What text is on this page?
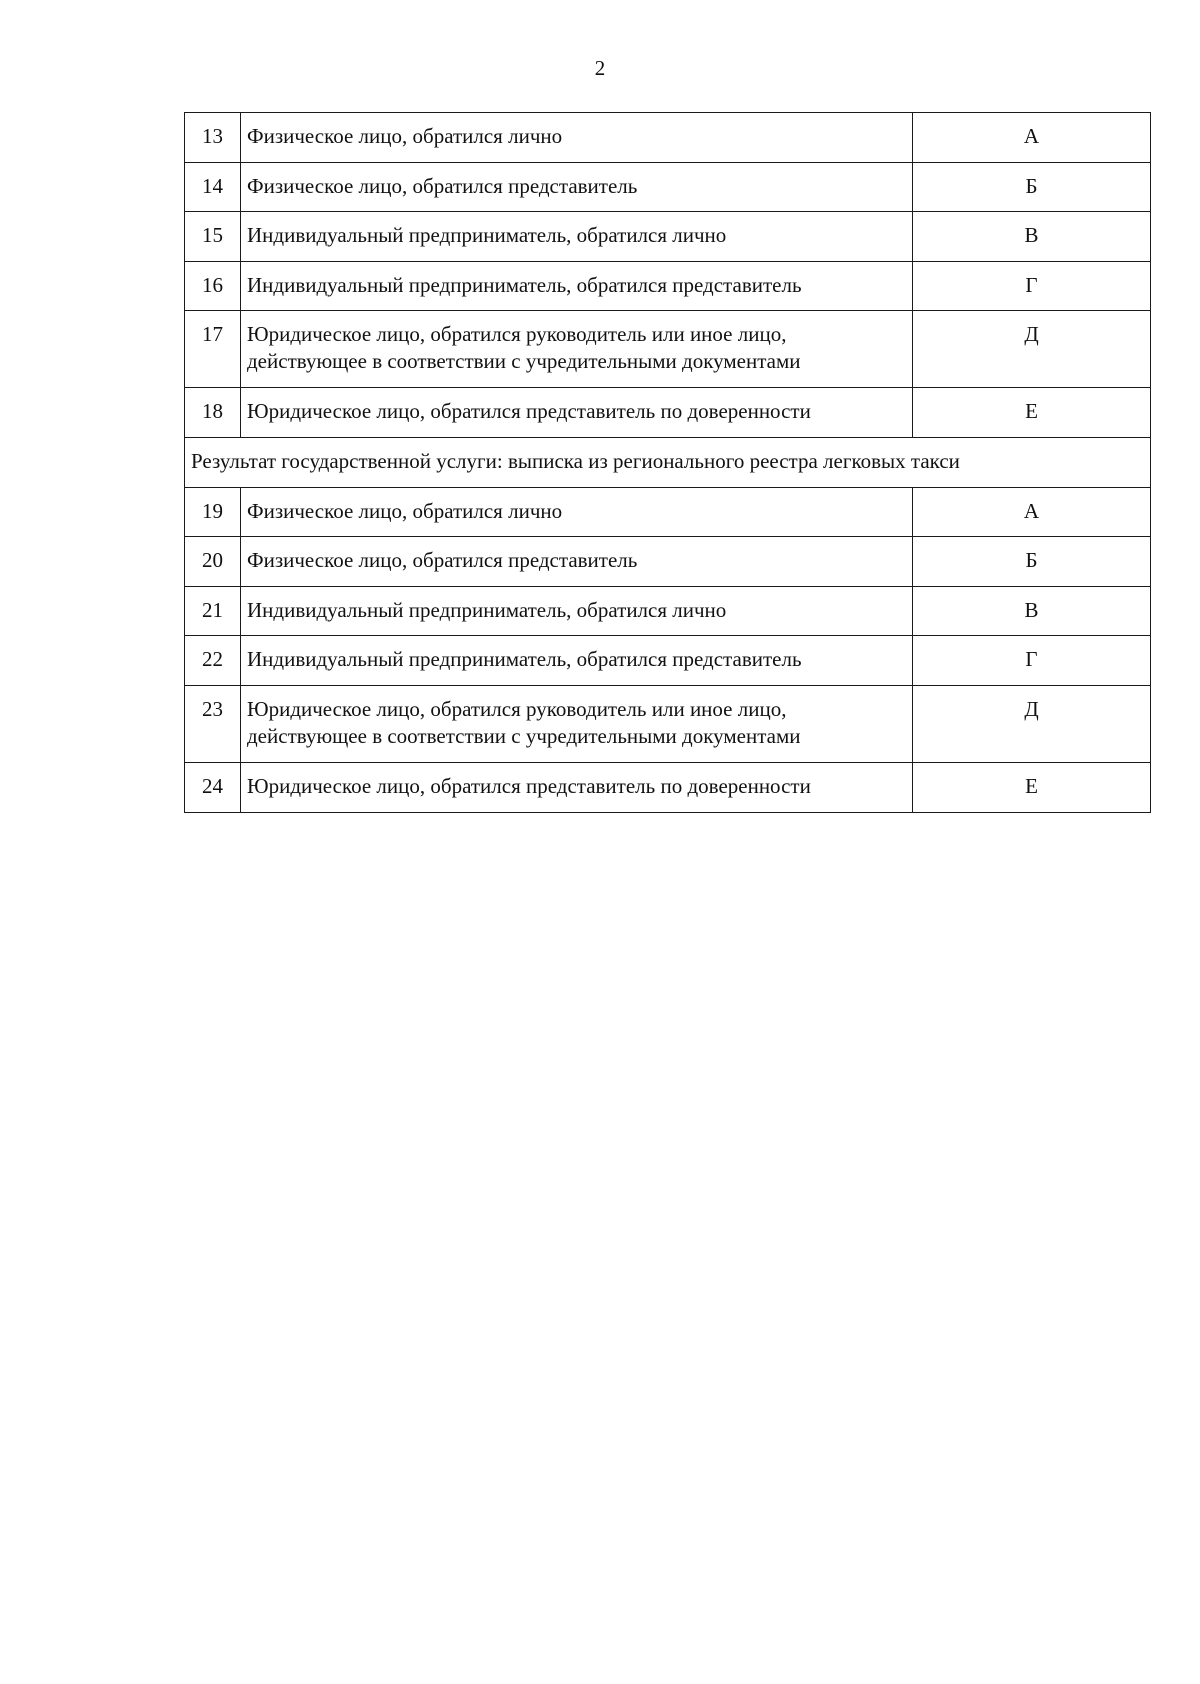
2
13	Физическое лицо, обратился лично	А
14	Физическое лицо, обратился представитель	Б
15	Индивидуальный предприниматель, обратился лично	В
16	Индивидуальный предприниматель, обратился представитель	Г
17	Юридическое лицо, обратился руководитель или иное лицо,
действующее в соответствии с учредительными документами	Д
18	Юридическое лицо, обратился представитель по доверенности	Е
Результат государственной услуги: выписка из регионального реестра легковых такси		
19	Физическое лицо, обратился лично	А
20	Физическое лицо, обратился представитель	Б
21	Индивидуальный предприниматель, обратился лично	В
22	Индивидуальный предприниматель, обратился представитель	Г
23	Юридическое лицо, обратился руководитель или иное лицо,
действующее в соответствии с учредительными документами	Д
24	Юридическое лицо, обратился представитель по доверенности	Е
